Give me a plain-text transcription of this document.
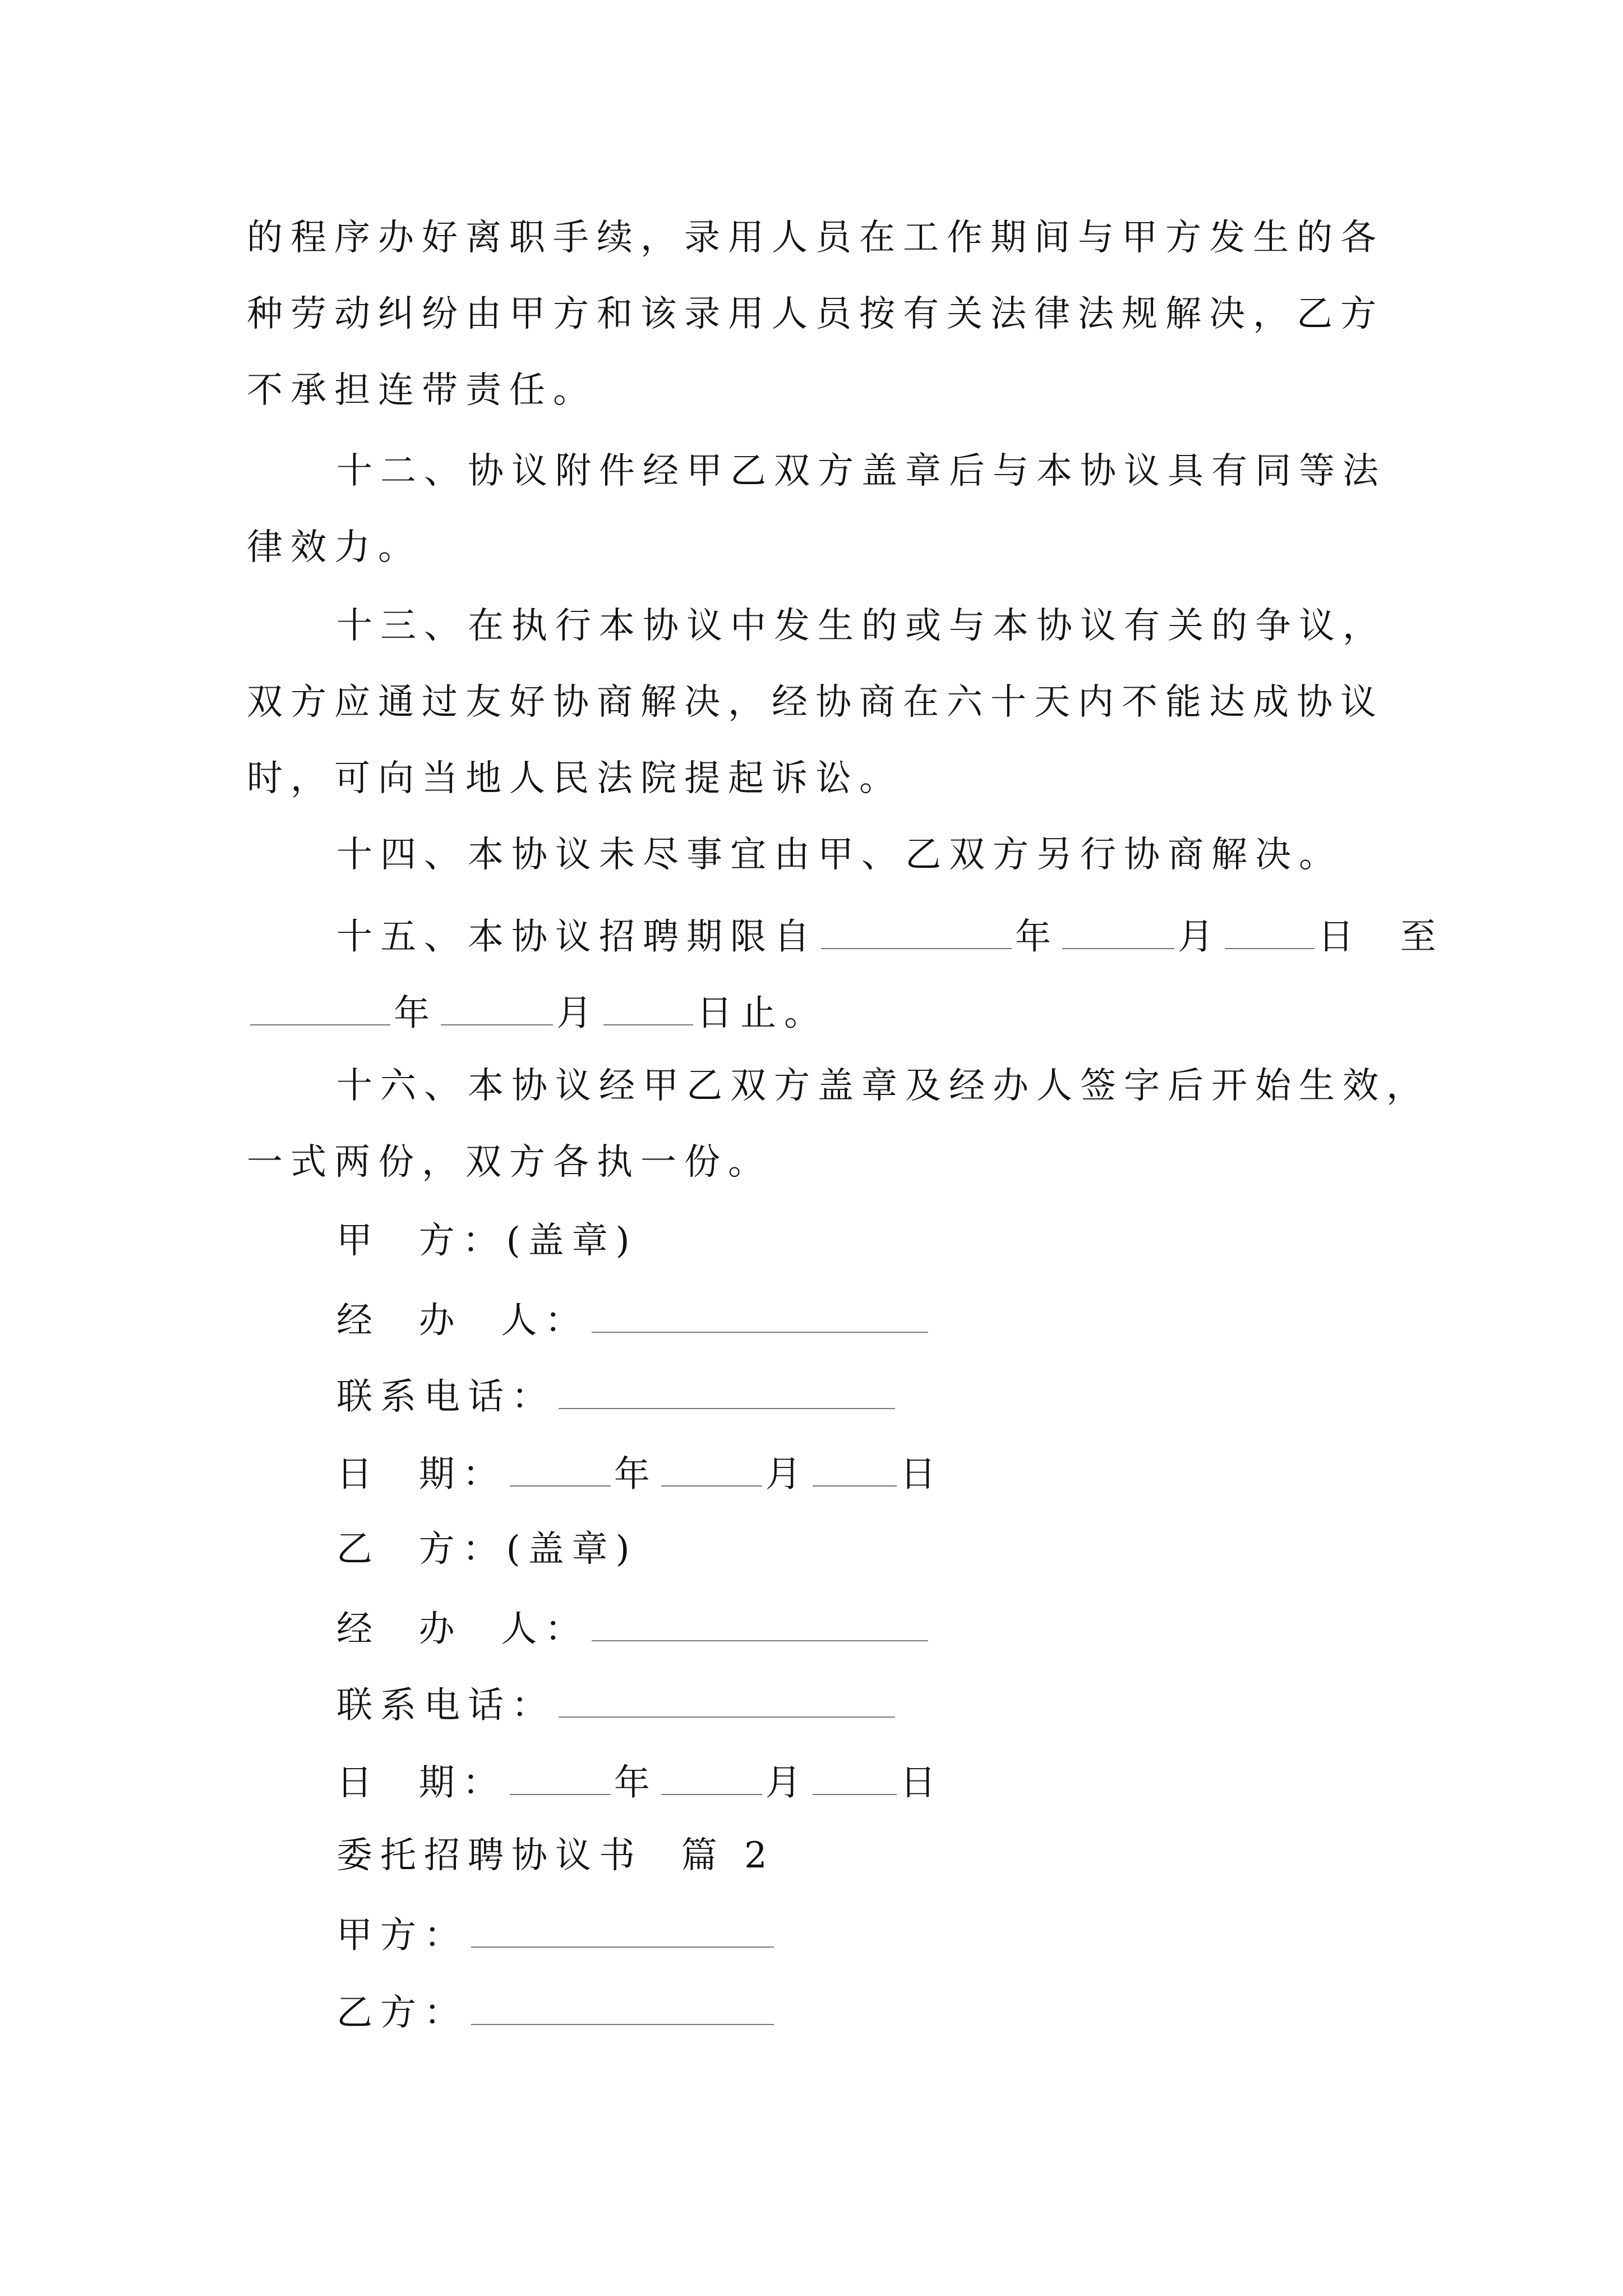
的程序办好离职手续，录用人员在工作期间与甲方发生的各
种劳动纠纷由甲方和该录用人员按有关法律法规解决，乙方
不承担连带责任。
十二、协议附件经甲乙双方盖章后与本协议具有同等法
律效力。
十三、在执行本协议中发生的或与本协议有关的争议，
双方应通过友好协商解决，经协商在六十天内不能达成协议
时，可向当地人民法院提起诉讼。
十四、本协议未尽事宜由甲、乙双方另行协商解决。
十五、本协议招聘期限自	年	月	日  至
年	月	日止。
十六、本协议经甲乙双方盖章及经办人签字后开始生效，
一式两份，双方各执一份。
甲  方：(盖章)
经  办  人：
联系电话：
日  期：	年	月	日
乙  方：(盖章)
经  办  人：
联系电话：
日  期：	年	月	日
委托招聘协议书  篇 2
甲方：
乙方：
